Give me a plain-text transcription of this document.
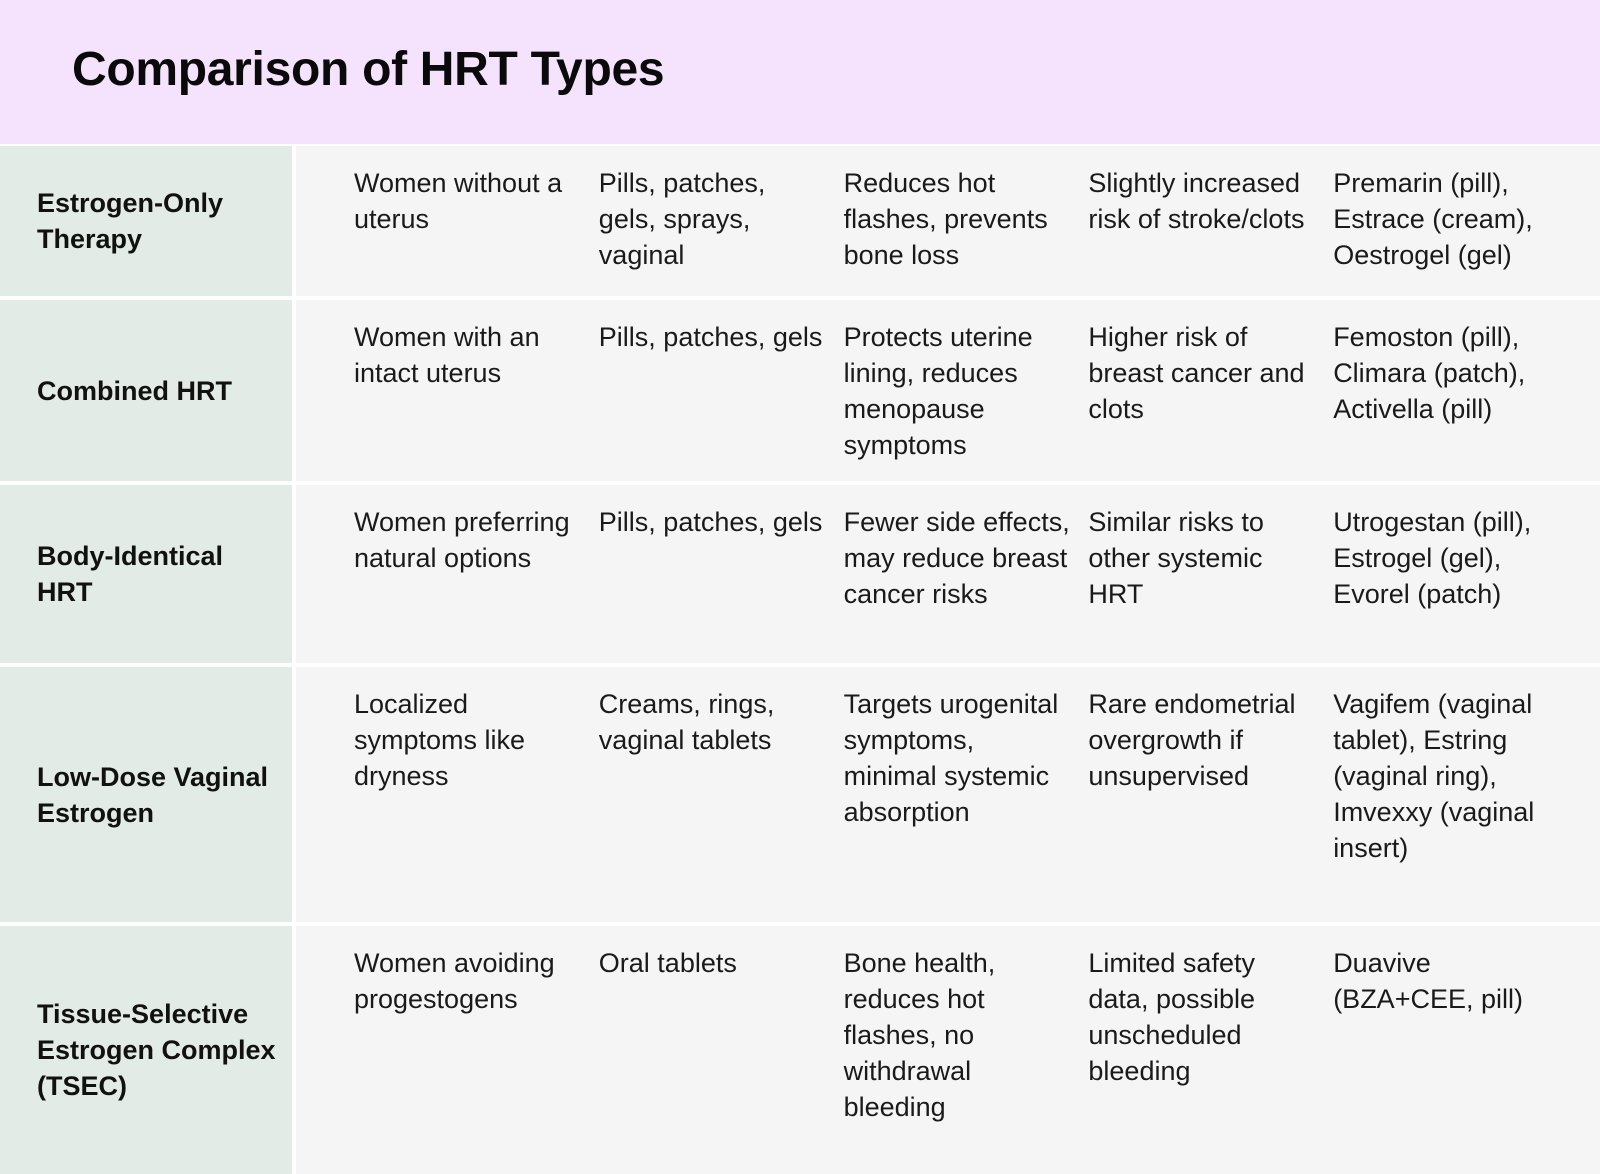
Comparison of HRT Types
Estrogen-Only Therapy
Women without a uterus
Pills, patches, gels, sprays, vaginal
Reduces hot flashes, prevents bone loss
Slightly increased risk of stroke/clots
Premarin (pill), Estrace (cream), Oestrogel (gel)
Combined HRT
Women with an intact uterus
Pills, patches, gels Protects uterine lining, reduces menopause symptoms
Higher risk of breast cancer and clots
Femoston (pill), Climara (patch), Activella (pill)
Body-Identical HRT
Women preferring natural options
Pills, patches, gels Fewer side effects, may reduce breast cancer risks
Similar risks to other systemic HRT
Utrogestan (pill), Estrogel (gel), Evorel (patch)
Low-Dose Vaginal Estrogen
Localized symptoms like dryness
Creams, rings, vaginal tablets
Targets urogenital symptoms, minimal systemic absorption
Rare endometrial overgrowth if unsupervised
Vagifem (vaginal tablet), Estring (vaginal ring), Imvexxy (vaginal insert)
Tissue-Selective Estrogen Complex (TSEC)
Women avoiding progestogens
Oral tablets	Bone health, reduces hot flashes, no withdrawal bleeding
Limited safety data, possible unscheduled bleeding
Duavive (BZA+CEE, pill)
